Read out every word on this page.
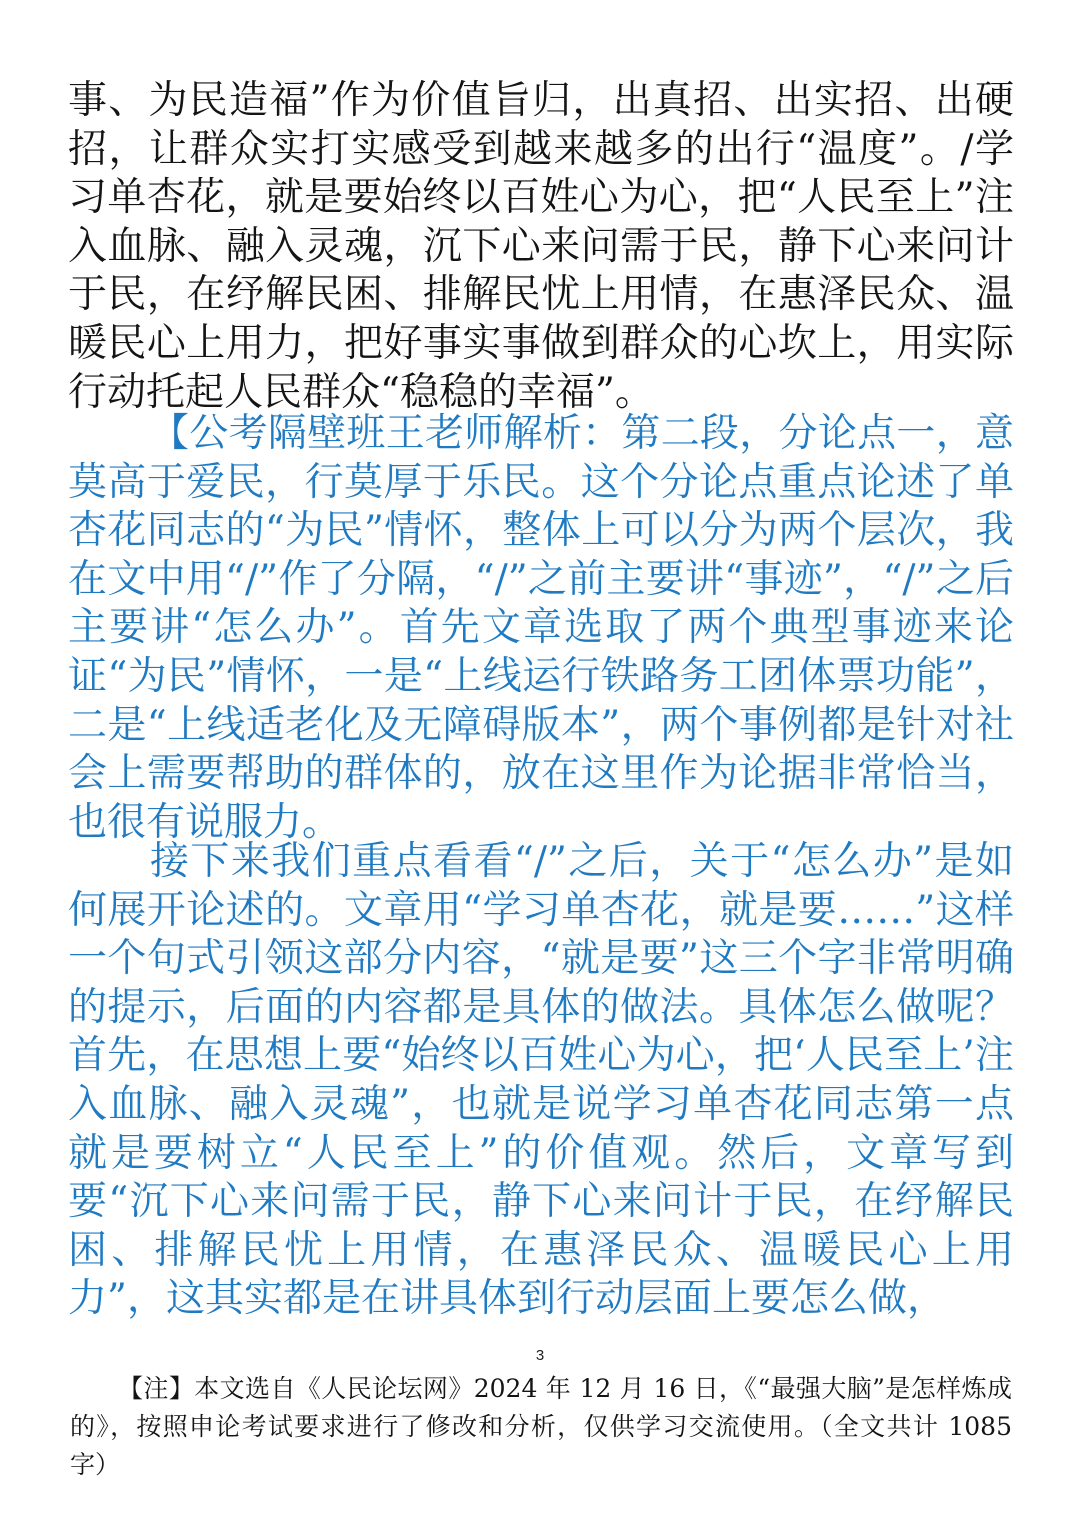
事、为民造福”作为价值旨归，出真招、出实招、出硬招，让群众实打实感受到越来越多的出行“温度”。/学习单杏花，就是要始终以百姓心为心，把“人民至上”注入血脉、融入灵魂，沉下心来问需于民，静下心来问计于民，在纾解民困、排解民忧上用情，在惠泽民众、温暖民心上用力，把好事实事做到群众的心坎上，用实际行动托起人民群众“稳稳的幸福”。

【公考隔壁班王老师解析：第二段，分论点一，意莫高于爱民，行莫厚于乐民。这个分论点重点论述了单杏花同志的“为民”情怀，整体上可以分为两个层次，我在文中用“/”作了分隔，“/”之前主要讲“事迹”，“/”之后主要讲“怎么办”。首先文章选取了两个典型事迹来论证“为民”情怀，一是“上线运行铁路务工团体票功能”，二是“上线适老化及无障碍版本”，两个事例都是针对社会上需要帮助的群体的，放在这里作为论据非常恰当，也很有说服力。

接下来我们重点看看“/”之后，关于“怎么办”是如何展开论述的。文章用“学习单杏花，就是要……”这样一个句式引领这部分内容，“就是要”这三个字非常明确的提示，后面的内容都是具体的做法。具体怎么做呢？首先，在思想上要“始终以百姓心为心，把‘人民至上’注入血脉、融入灵魂”，也就是说学习单杏花同志第一点就是要树立“人民至上”的价值观。然后，文章写到要“沉下心来问需于民，静下心来问计于民，在纾解民困、排解民忧上用情，在惠泽民众、温暖民心上用力”，这其实都是在讲具体到行动层面上要怎么做，

3

【注】本文选自《人民论坛网》2024 年 12 月 16 日，《“最强大脑”是怎样炼成的》，按照申论考试要求进行了修改和分析，仅供学习交流使用。（全文共计 1085 字）
